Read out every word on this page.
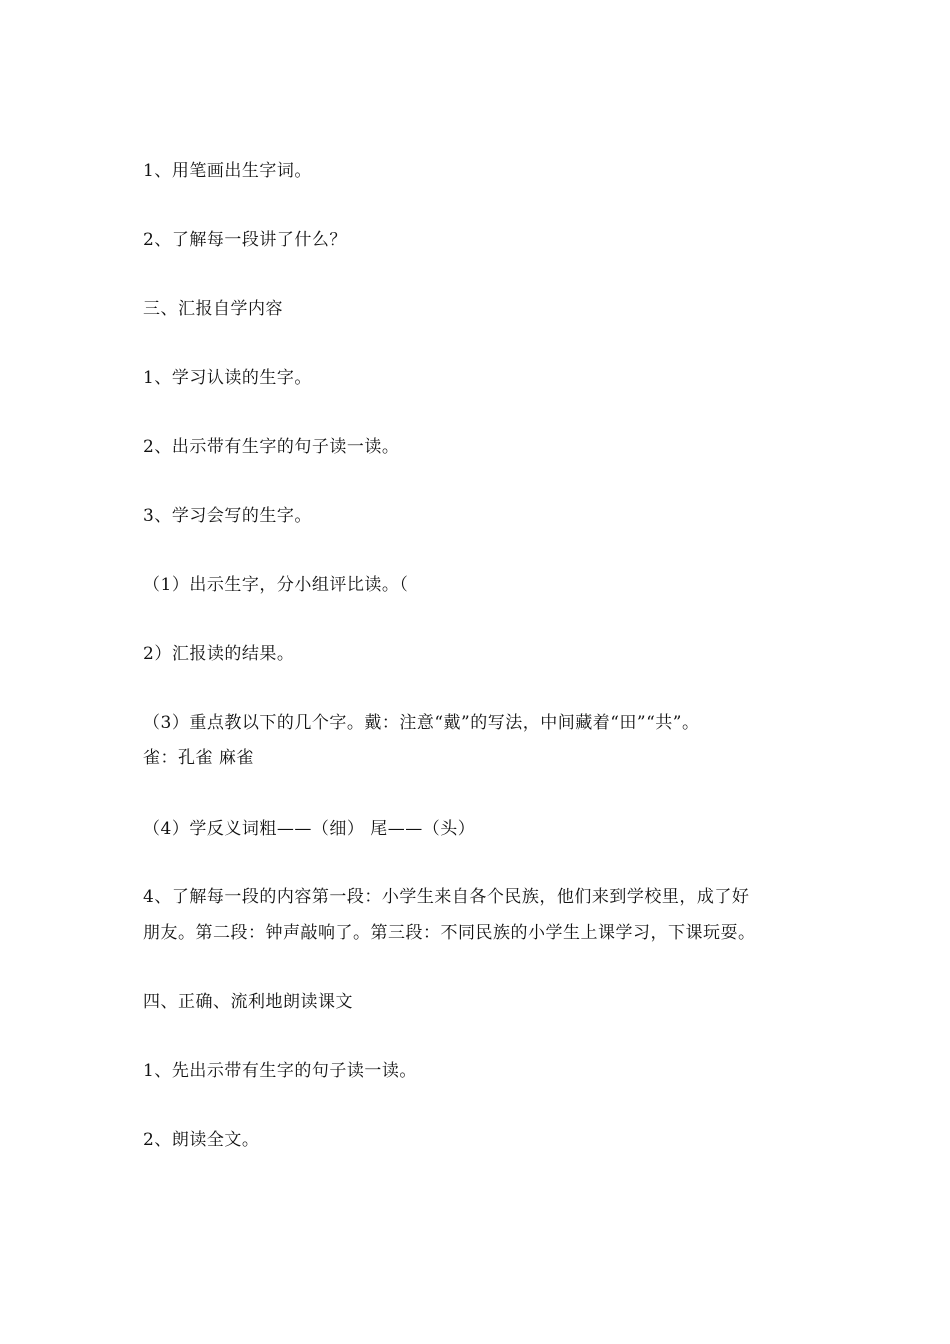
1、用笔画出生字词。
2、了解每一段讲了什么？
三、汇报自学内容
1、学习认读的生字。
2、出示带有生字的句子读一读。
3、学习会写的生字。
（1）出示生字，分小组评比读。（
2）汇报读的结果。
（3）重点教以下的几个字。戴：注意“戴”的写法，中间藏着“田”“共”。
雀：孔雀 麻雀
（4）学反义词粗——（细） 尾——（头）
4、了解每一段的内容第一段：小学生来自各个民族，他们来到学校里，成了好
朋友。第二段：钟声敲响了。第三段：不同民族的小学生上课学习，下课玩耍。
四、正确、流利地朗读课文
1、先出示带有生字的句子读一读。
2、朗读全文。
